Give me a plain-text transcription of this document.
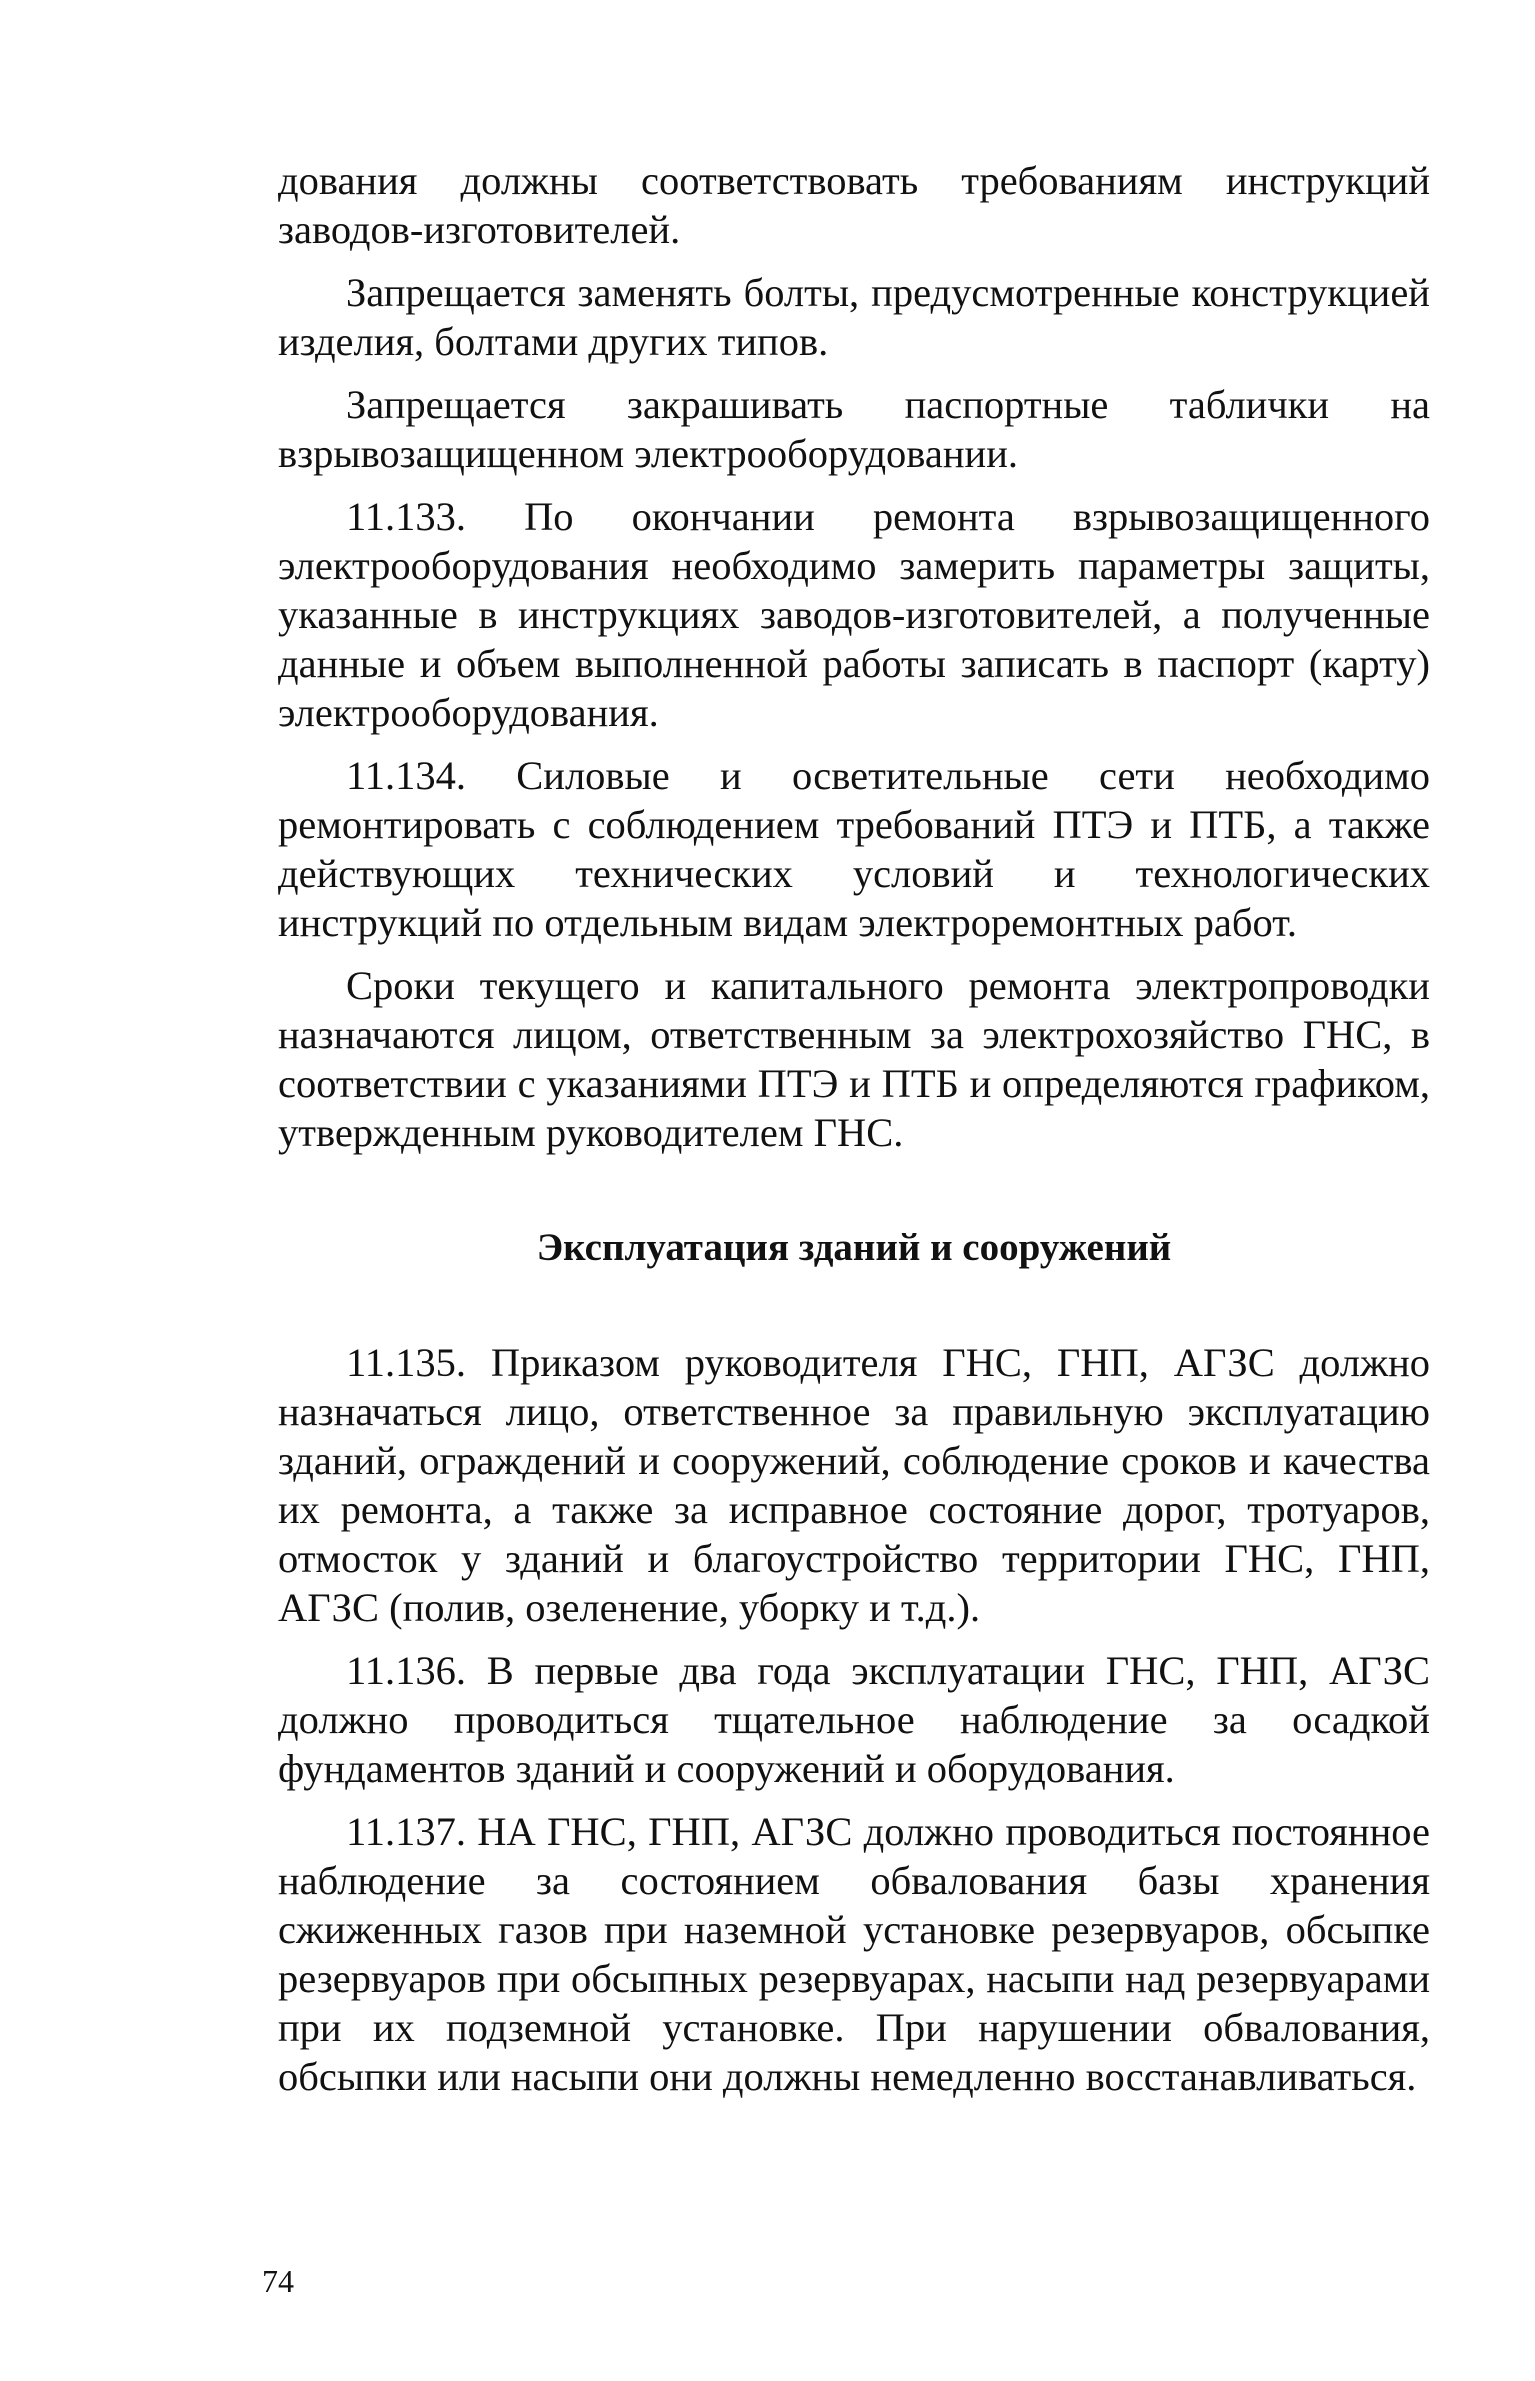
дования должны соответствовать требованиям инструкций заводов-изготовителей.

Запрещается заменять болты, предусмотренные конструкцией изделия, болтами других типов.

Запрещается закрашивать паспортные таблички на взрывозащищенном электрооборудовании.

11.133. По окончании ремонта взрывозащищенного электрооборудования необходимо замерить параметры защиты, указанные в инструкциях заводов-изготовителей, а полученные данные и объем выполненной работы записать в паспорт (карту) электрооборудования.

11.134. Силовые и осветительные сети необходимо ремонтировать с соблюдением требований ПТЭ и ПТБ, а также действующих технических условий и технологических инструкций по отдельным видам электроремонтных работ.

Сроки текущего и капитального ремонта электропроводки назначаются лицом, ответственным за электрохозяйство ГНС, в соответствии с указаниями ПТЭ и ПТБ и определяются графиком, утвержденным руководителем ГНС.

Эксплуатация зданий и сооружений

11.135. Приказом руководителя ГНС, ГНП, АГЗС должно назначаться лицо, ответственное за правильную эксплуатацию зданий, ограждений и сооружений, соблюдение сроков и качества их ремонта, а также за исправное состояние дорог, тротуаров, отмосток у зданий и благоустройство территории ГНС, ГНП, АГЗС (полив, озеленение, уборку и т.д.).

11.136. В первые два года эксплуатации ГНС, ГНП, АГЗС должно проводиться тщательное наблюдение за осадкой фундаментов зданий и сооружений и оборудования.

11.137. НА ГНС, ГНП, АГЗС должно проводиться постоянное наблюдение за состоянием обвалования базы хранения сжиженных газов при наземной установке резервуаров, обсыпке резервуаров при обсыпных резервуарах, насыпи над резервуарами при их подземной установке. При нарушении обвалования, обсыпки или насыпи они должны немедленно восстанавливаться.

74
